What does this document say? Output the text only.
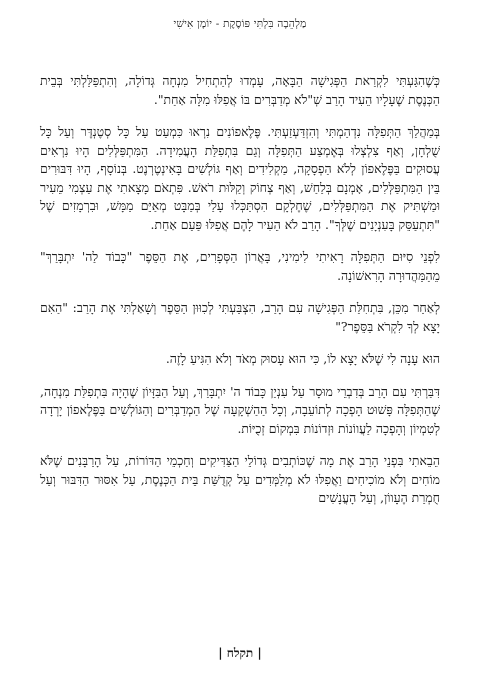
מַלְהֵבָה בִּלְתִּי פּוֹסֶקֶת - יוֹמָן אִישִׁי

כְּשֶׁהִגַּעְתִּי לִקְרַאת הַפְּגִישָׁה הַבָּאָה, עָמְדוּ לְהַתְחִיל מִנְחָה גְּדוֹלָה, וְהִתְפַּלַּלְתִּי בְּבֵית הַכְּנֶסֶת שֶׁעָלָיו הֵעִיד הָרַב שְׁ"לֹא מְדַבְּרִים בּוֹ אֲפִלּוּ מִלָּה אַחַת".

בְּמַהֲלַךְ הַתְּפִלָּה נִדְהַמְתִּי וְהִזְדַּעְזַעְתִּי. פֶּלֶאפוֹנִים נִרְאוּ כִּמְעַט עַל כָּל סְטֶנְדֶּר וְעַל כָּל שֻׁלְחָן, וְאַף צִלְצְלוּ בְּאֶמְצַע הַתְּפִלָּה וְגַם בִּתְפִלַּת הָעֲמִידָה. הַמִּתְפַּלְּלִים הָיוּ נִרְאִים עֲסוּקִים בַּפֶּלֶאפוֹן לְלֹא הַפְסָקָה, מַקְלִידִים וְאַף גּוֹלְשִׁים בָּאִינְטֶרְנֶט. בְּנוֹסָף, הָיוּ דִּבּוּרִים בֵּין הַמִּתְפַּלְּלִים, אָמְנָם בְּלַחַשׁ, וְאַף צְחוֹק וְקַלּוּת רֹאשׁ. פִּתְאֹם מָצָאתִי אֶת עַצְמִי מֵעִיר וּמַשְׁתִּיק אֶת הַמִּתְפַּלְּלִים, שֶׁחֶלְקָם הִסְתַּכְּלוּ עָלַי בְּמַבָּט מְאַיֵּם מַמָּשׁ, וּבִרְמָזִים שֶׁל "תִּתְעַסֵּק בָּעִנְיָנִים שֶׁלְּךָ". הָרַב לֹא הֵעִיר לָהֶם אֲפִלּוּ פַּעַם אַחַת.

לִפְנֵי סִיּוּם הַתְּפִלָּה רָאִיתִי לִימִינִי, בָּאֲרוֹן הַסְּפָרִים, אֶת הַסֵּפֶר "כָּבוֹד לַה' יִתְבָּרַךְ" מֵהַמַּהֲדוּרָה הָרִאשׁוֹנָה.

לְאַחַר מִכֵּן, בִּתְחִלַּת הַפְּגִישָׁה עִם הָרַב, הִצְבַּעְתִּי לְכִוּוּן הַסֵּפֶר וְשָׁאַלְתִּי אֶת הָרַב: "הַאִם יָצָא לְךָ לִקְרֹא בַּסֵּפֶר?"

הוּא עָנָה לִי שֶׁלֹּא יָצָא לוֹ, כִּי הוּא עָסוּק מְאֹד וְלֹא הִגִּיעַ לָזֶה.

דִּבַּרְתִּי עִם הָרַב בְּדִבְרֵי מוּסָר עַל עִנְיַן כָּבוֹד ה' יִתְבָּרַךְ, וְעַל הַבִּזָּיוֹן שֶׁהָיָה בִּתְפִלַּת מִנְחָה, שֶׁהַתְּפִלָּה פָּשׁוּט הָפְכָה לְתוֹעֵבָה, וְכָל הַהַשְׁקָעָה שֶׁל הַמְדַבְּרִים וְהַגּוֹלְשִׁים בַּפֶּלֶאפוֹן יָרְדָה לְטִמְיוֹן וְהָפְכָה לַעֲווֹנוֹת וּזְדוֹנוֹת בִּמְקוֹם זְכֻיּוֹת.

הֵבֵאתִי בִּפְנֵי הָרַב אֶת מָה שֶׁכּוֹתְבִים גְּדוֹלֵי הַצַּדִּיקִים וְחַכְמֵי הַדּוֹרוֹת, עַל הָרַבָּנִים שֶׁלֹּא מוֹחִים וְלֹא מוֹכִיחִים וַאֲפִלּוּ לֹא מְלַמְּדִים עַל קְדֻשַּׁת בֵּית הַכְּנֶסֶת, עַל אִסּוּר הַדִּבּוּר וְעַל חֻמְרַת הֶעָווֹן, וְעַל הָעֳנָשִׁים

| תקלח |
